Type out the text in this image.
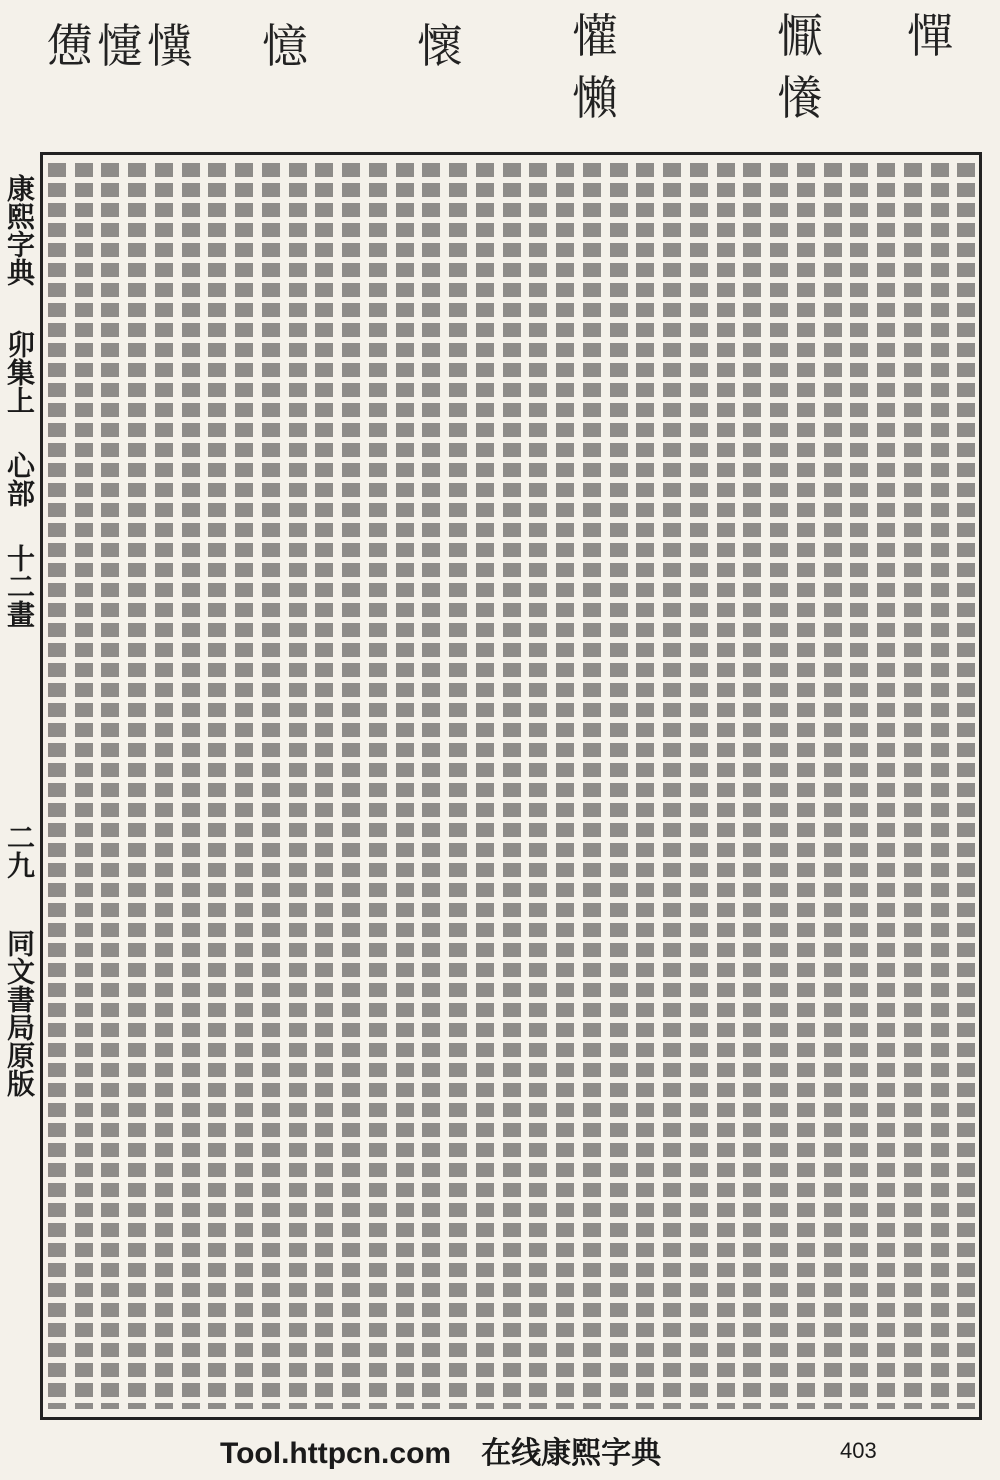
憚
懨
懩
懽
懶
懷
憶
懻
懥
憊
康熙字典
卯集上
心部
十二畫
二九
同文書局原版
Tool.httpcn.com　在线康熙字典	403
